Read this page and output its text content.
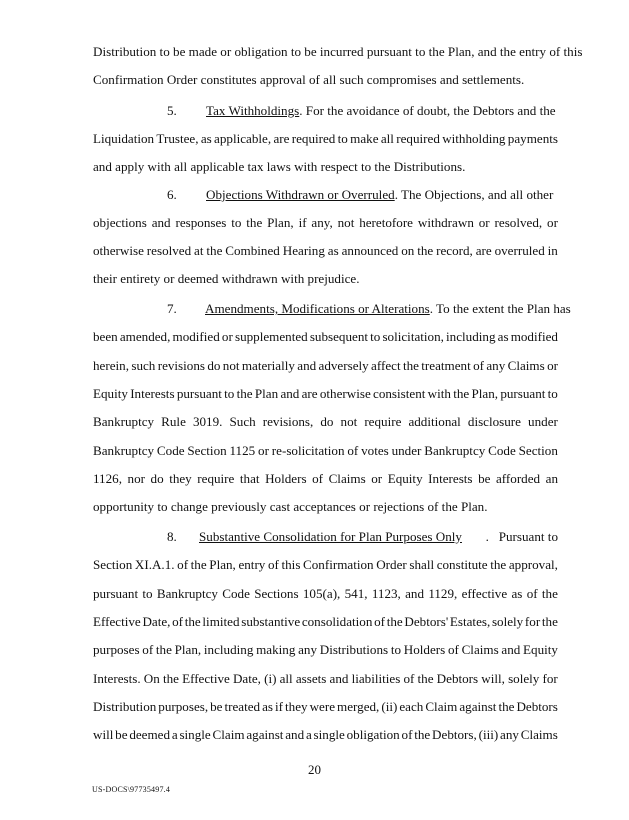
Distribution to be made or obligation to be incurred pursuant to the Plan, and the entry of this
Confirmation Order constitutes approval of all such compromises and settlements.
5. Tax Withholdings. For the avoidance of doubt, the Debtors and the
Liquidation Trustee, as applicable, are required to make all required withholding payments
and apply with all applicable tax laws with respect to the Distributions.
6. Objections Withdrawn or Overruled. The Objections, and all other
objections and responses to the Plan, if any, not heretofore withdrawn or resolved, or
otherwise resolved at the Combined Hearing as announced on the record, are overruled in
their entirety or deemed withdrawn with prejudice.
7. Amendments, Modifications or Alterations. To the extent the Plan has
been amended, modified or supplemented subsequent to solicitation, including as modified
herein, such revisions do not materially and adversely affect the treatment of any Claims or
Equity Interests pursuant to the Plan and are otherwise consistent with the Plan, pursuant to
Bankruptcy Rule 3019. Such revisions, do not require additional disclosure under
Bankruptcy Code Section 1125 or re-solicitation of votes under Bankruptcy Code Section
1126, nor do they require that Holders of Claims or Equity Interests be afforded an
opportunity to change previously cast acceptances or rejections of the Plan.
8. Substantive Consolidation for Plan Purposes Only .   Pursuant to
Section XI.A.1. of the Plan, entry of this Confirmation Order shall constitute the approval,
pursuant to Bankruptcy Code Sections 105(a), 541, 1123, and 1129, effective as of the
Effective Date, of the limited substantive consolidation of the Debtors' Estates, solely for the
purposes of the Plan, including making any Distributions to Holders of Claims and Equity
Interests. On the Effective Date, (i) all assets and liabilities of the Debtors will, solely for
Distribution purposes, be treated as if they were merged, (ii) each Claim against the Debtors
will be deemed a single Claim against and a single obligation of the Debtors, (iii) any Claims
20
US-DOCS\97735497.4
